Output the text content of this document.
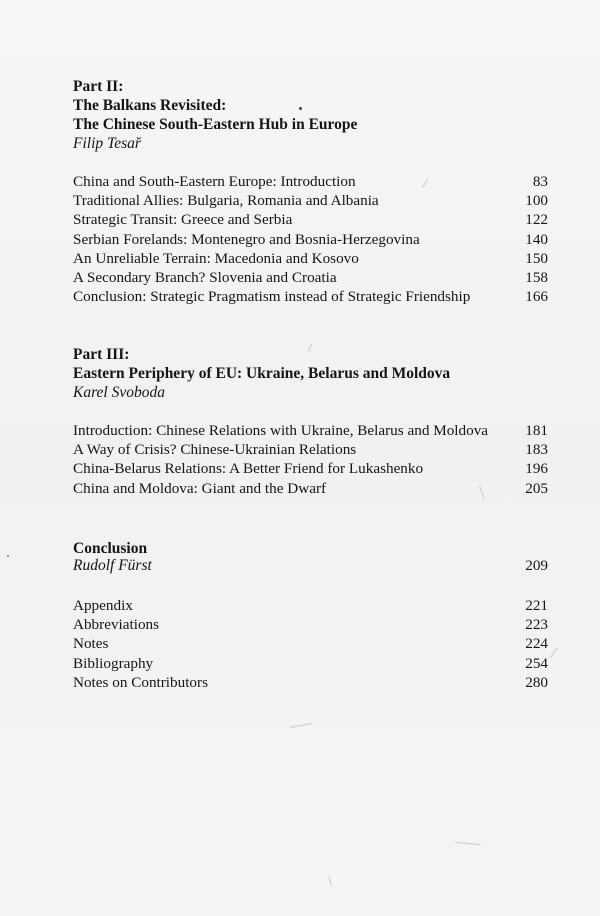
Part II:
The Balkans Revisited:
The Chinese South-Eastern Hub in Europe
Filip Tesař
China and South-Eastern Europe: Introduction	83
Traditional Allies: Bulgaria, Romania and Albania	100
Strategic Transit: Greece and Serbia	122
Serbian Forelands: Montenegro and Bosnia-Herzegovina	140
An Unreliable Terrain: Macedonia and Kosovo	150
A Secondary Branch? Slovenia and Croatia	158
Conclusion: Strategic Pragmatism instead of Strategic Friendship	166
Part III:
Eastern Periphery of EU: Ukraine, Belarus and Moldova
Karel Svoboda
Introduction: Chinese Relations with Ukraine, Belarus and Moldova 181
A Way of Crisis? Chinese-Ukrainian Relations	183
China-Belarus Relations: A Better Friend for Lukashenko	196
China and Moldova: Giant and the Dwarf	205
Conclusion
Rudolf Fürst	209
Appendix	221
Abbreviations	223
Notes	224
Bibliography	254
Notes on Contributors	280
